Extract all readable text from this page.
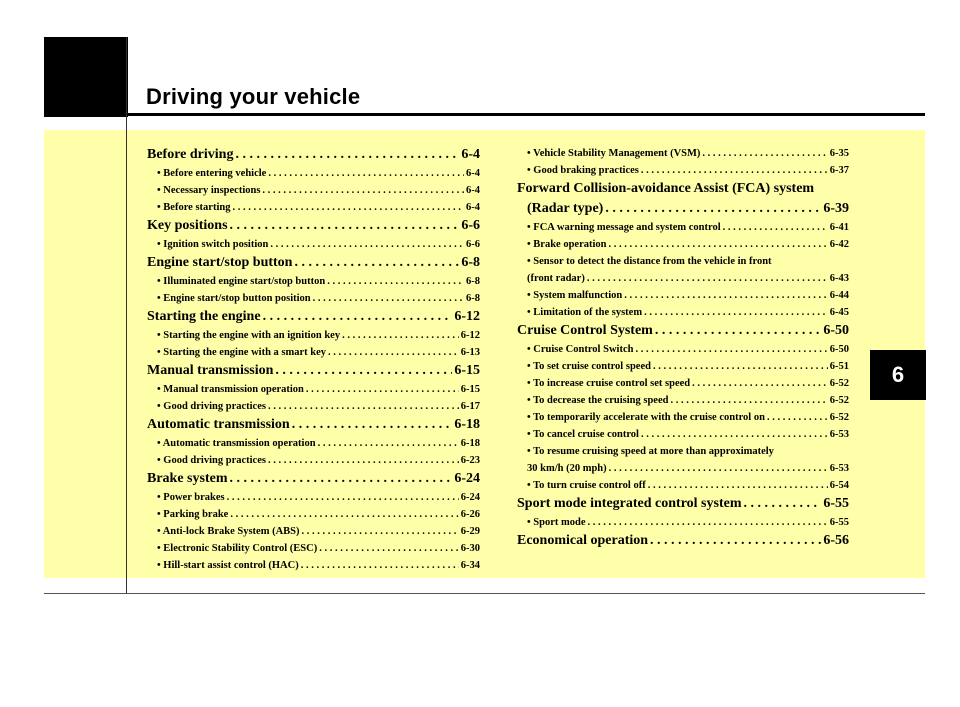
Driving your vehicle
6
Before driving . . .	6-4
• Before entering vehicle . . .	6-4
• Necessary inspections . . .	6-4
• Before starting . . .	6-4
Key positions . . .	6-6
• Ignition switch position . . .	6-6
Engine start/stop button . . .	6-8
• Illuminated engine start/stop button . . .	6-8
• Engine start/stop button position . . .	6-8
Starting the engine . . .	6-12
• Starting the engine with an ignition key . . .	6-12
• Starting the engine with a smart key . . .	6-13
Manual transmission . . .	6-15
• Manual transmission operation . . .	6-15
• Good driving practices . . .	6-17
Automatic transmission . . .	6-18
• Automatic transmission operation . . .	6-18
• Good driving practices . . .	6-23
Brake system . . .	6-24
• Power brakes . . .	6-24
• Parking brake . . .	6-26
• Anti-lock Brake System (ABS) . . .	6-29
• Electronic Stability Control (ESC) . . .	6-30
• Hill-start assist control (HAC) . . .	6-34
• Vehicle Stability Management (VSM) . . .	6-35
• Good braking practices . . .	6-37
Forward Collision-avoidance Assist (FCA) system
(Radar type) . . .	6-39
• FCA warning message and system control . . .	6-41
• Brake operation . . .	6-42
• Sensor to detect the distance from the vehicle in front
(front radar) . . .	6-43
• System malfunction . . .	6-44
• Limitation of the system . . .	6-45
Cruise Control System . . .	6-50
• Cruise Control Switch . . .	6-50
• To set cruise control speed . . .	6-51
• To increase cruise control set speed . . .	6-52
• To decrease the cruising speed . . .	6-52
• To temporarily accelerate with the cruise control on . . .	6-52
• To cancel cruise control . . .	6-53
• To resume cruising speed at more than approximately
30 km/h (20 mph) . . .	6-53
• To turn cruise control off . . .	6-54
Sport mode integrated control system . . .	6-55
• Sport mode . . .	6-55
Economical operation . . .	6-56
